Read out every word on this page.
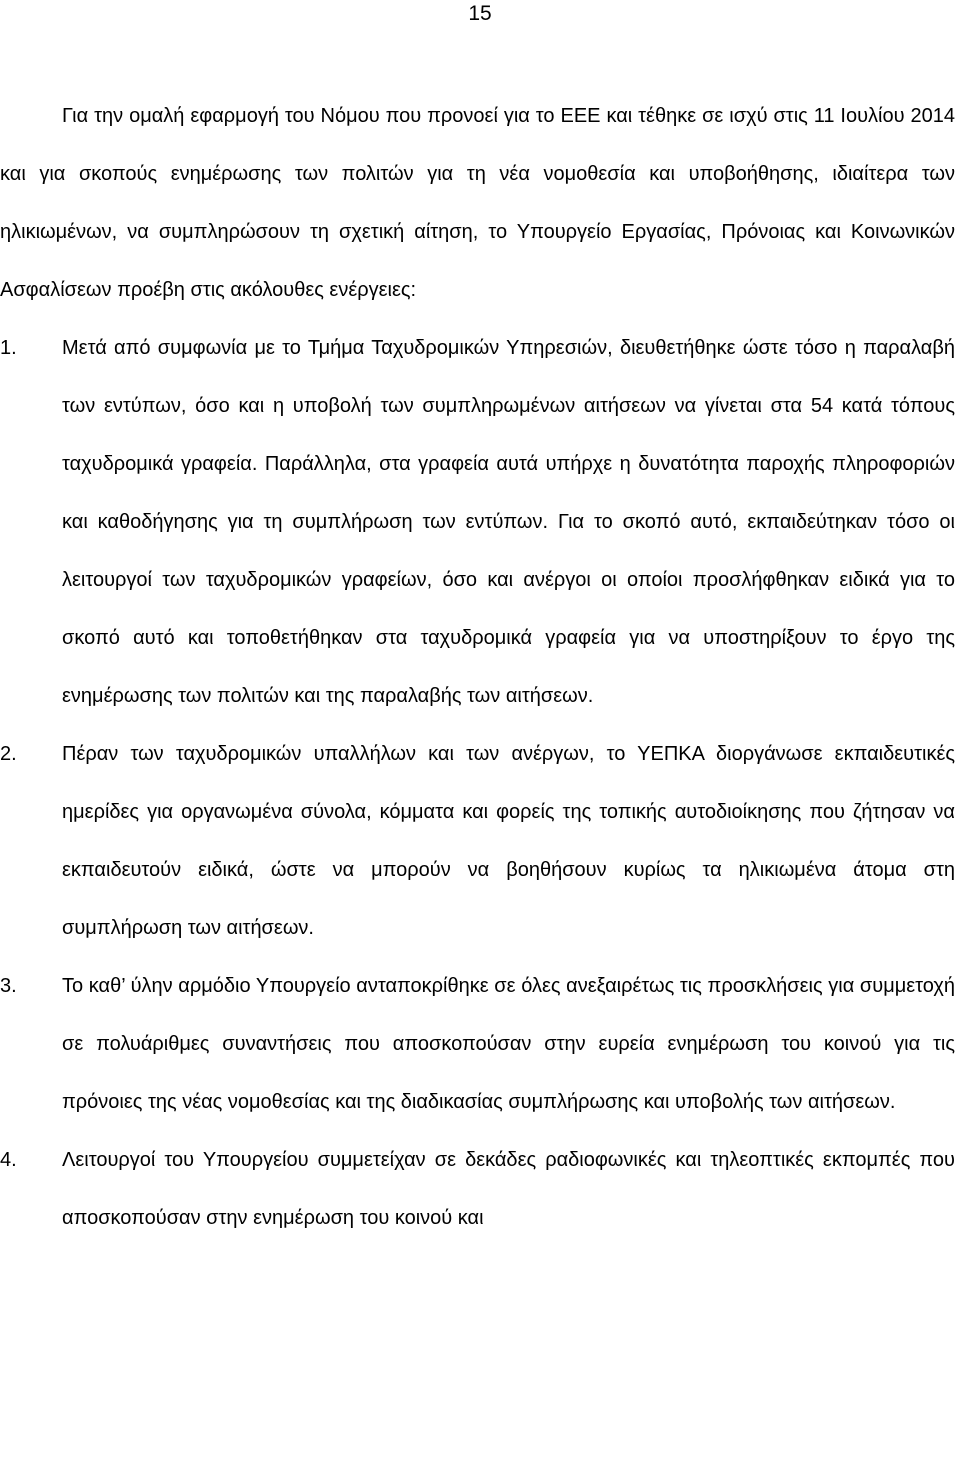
15

Για την ομαλή εφαρμογή του Νόμου που προνοεί για το ΕΕΕ και τέθηκε σε ισχύ στις 11 Ιουλίου 2014 και για σκοπούς ενημέρωσης των πολιτών για τη νέα νομοθεσία και υποβοήθησης, ιδιαίτερα των ηλικιωμένων, να συμπληρώσουν τη σχετική αίτηση, το Υπουργείο Εργασίας, Πρόνοιας και Κοινωνικών Ασφαλίσεων προέβη στις ακόλουθες ενέργειες:

1.	Μετά από συμφωνία με το Τμήμα Ταχυδρομικών Υπηρεσιών, διευθετήθηκε ώστε τόσο η παραλαβή των εντύπων, όσο και η υποβολή των συμπληρωμένων αιτήσεων να γίνεται στα 54 κατά τόπους ταχυδρομικά γραφεία. Παράλληλα, στα γραφεία αυτά υπήρχε η δυνατότητα παροχής πληροφοριών και καθοδήγησης για τη συμπλήρωση των εντύπων. Για το σκοπό αυτό, εκπαιδεύτηκαν τόσο οι λειτουργοί των ταχυδρομικών γραφείων, όσο και ανέργοι οι οποίοι προσλήφθηκαν ειδικά για το σκοπό αυτό και τοποθετήθηκαν στα ταχυδρομικά γραφεία για να υποστηρίξουν το έργο της ενημέρωσης των πολιτών και της παραλαβής των αιτήσεων.
2.	Πέραν των ταχυδρομικών υπαλλήλων και των ανέργων, το ΥΕΠΚΑ διοργάνωσε εκπαιδευτικές ημερίδες για οργανωμένα σύνολα, κόμματα και φορείς της τοπικής αυτοδιοίκησης που ζήτησαν να εκπαιδευτούν ειδικά, ώστε να μπορούν να βοηθήσουν κυρίως τα ηλικιωμένα άτομα στη συμπλήρωση των αιτήσεων.
3.	Το καθ’ ύλην αρμόδιο Υπουργείο ανταποκρίθηκε σε όλες ανεξαιρέτως τις προσκλήσεις για συμμετοχή σε πολυάριθμες συναντήσεις που αποσκοπούσαν στην ευρεία ενημέρωση του κοινού για τις πρόνοιες της νέας νομοθεσίας και της διαδικασίας συμπλήρωσης και υποβολής των αιτήσεων.
4.	Λειτουργοί του Υπουργείου συμμετείχαν σε δεκάδες ραδιοφωνικές και τηλεοπτικές εκπομπές που αποσκοπούσαν στην ενημέρωση του κοινού και
